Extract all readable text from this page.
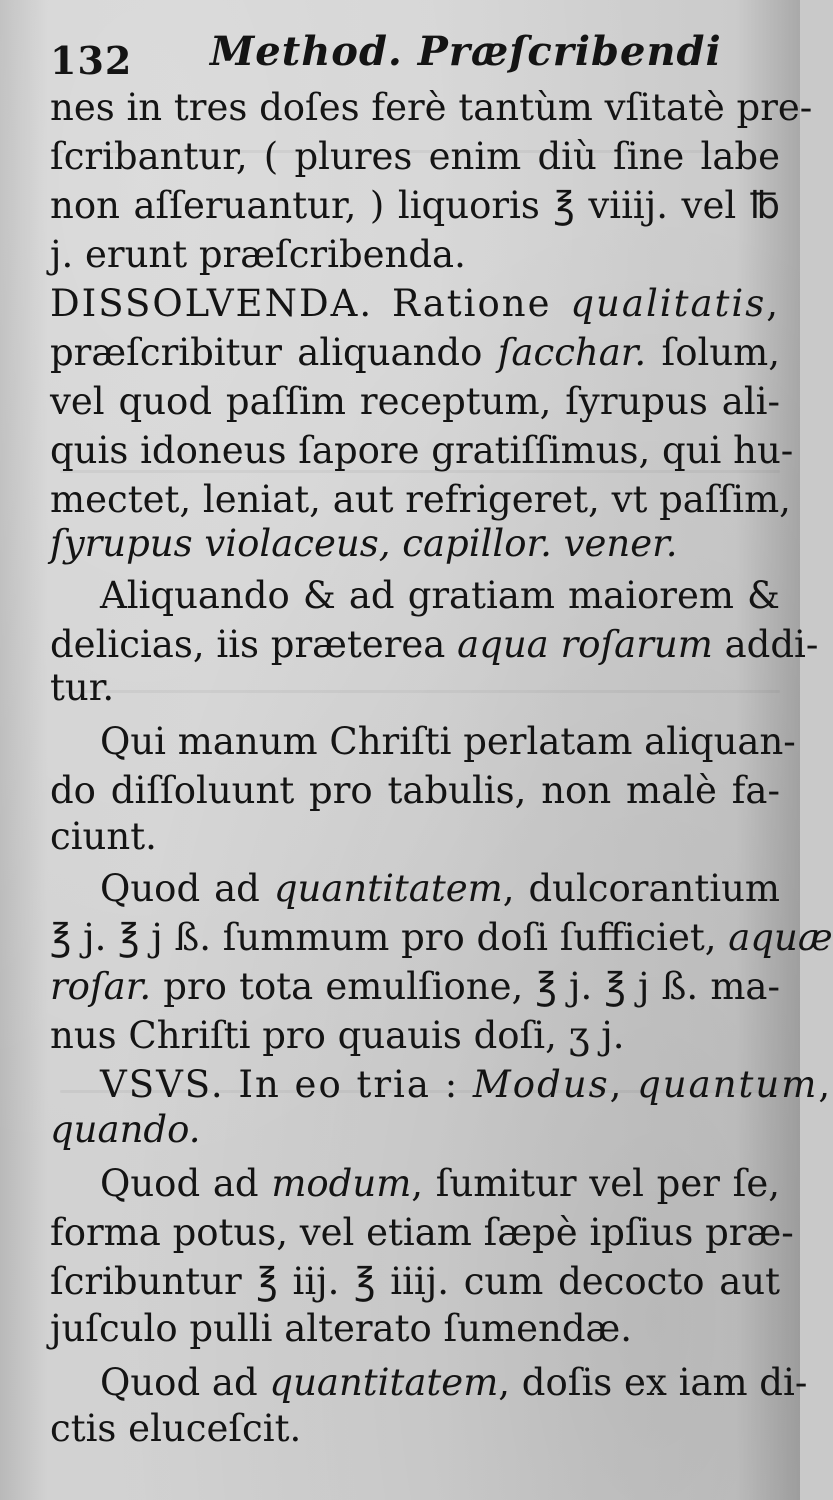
132 Method. Præſcribendi
nes in tres doſes ferè tantùm vſitatè pre-
ſcribantur, ( plures enim diù ſine labe
non aſſeruantur, ) liquoris ℥ viiij. vel ℔
j. erunt præſcribenda.
DISSOLVENDA. Ratione qualitatis,
præſcribitur aliquando ſacchar. ſolum,
vel quod paſſim receptum, ſyrupus ali-
quis idoneus ſapore gratiſſimus, qui hu-
mectet, leniat, aut refrigeret, vt paſſim,
ſyrupus violaceus, capillor. vener.
Aliquando & ad gratiam maiorem &
delicias, iis præterea aqua roſarum addi-
tur.
Qui manum Chriſti perlatam aliquan-
do diſſoluunt pro tabulis, non malè fa-
ciunt.
Quod ad quantitatem, dulcorantium
℥ j. ℥ j ß. ſummum pro doſi ſufficiet, aquæ
roſar. pro tota emulſione, ℥ j. ℥ j ß. ma-
nus Chriſti pro quauis doſi, ʒ j.
VSVS. In eo tria : Modus, quantum,
quando.
Quod ad modum, ſumitur vel per ſe,
forma potus, vel etiam ſæpè ipſius præ-
ſcribuntur ℥ iij. ℥ iiij. cum decocto aut
juſculo pulli alterato ſumendæ.
Quod ad quantitatem, doſis ex iam di-
ctis eluceſcit.
